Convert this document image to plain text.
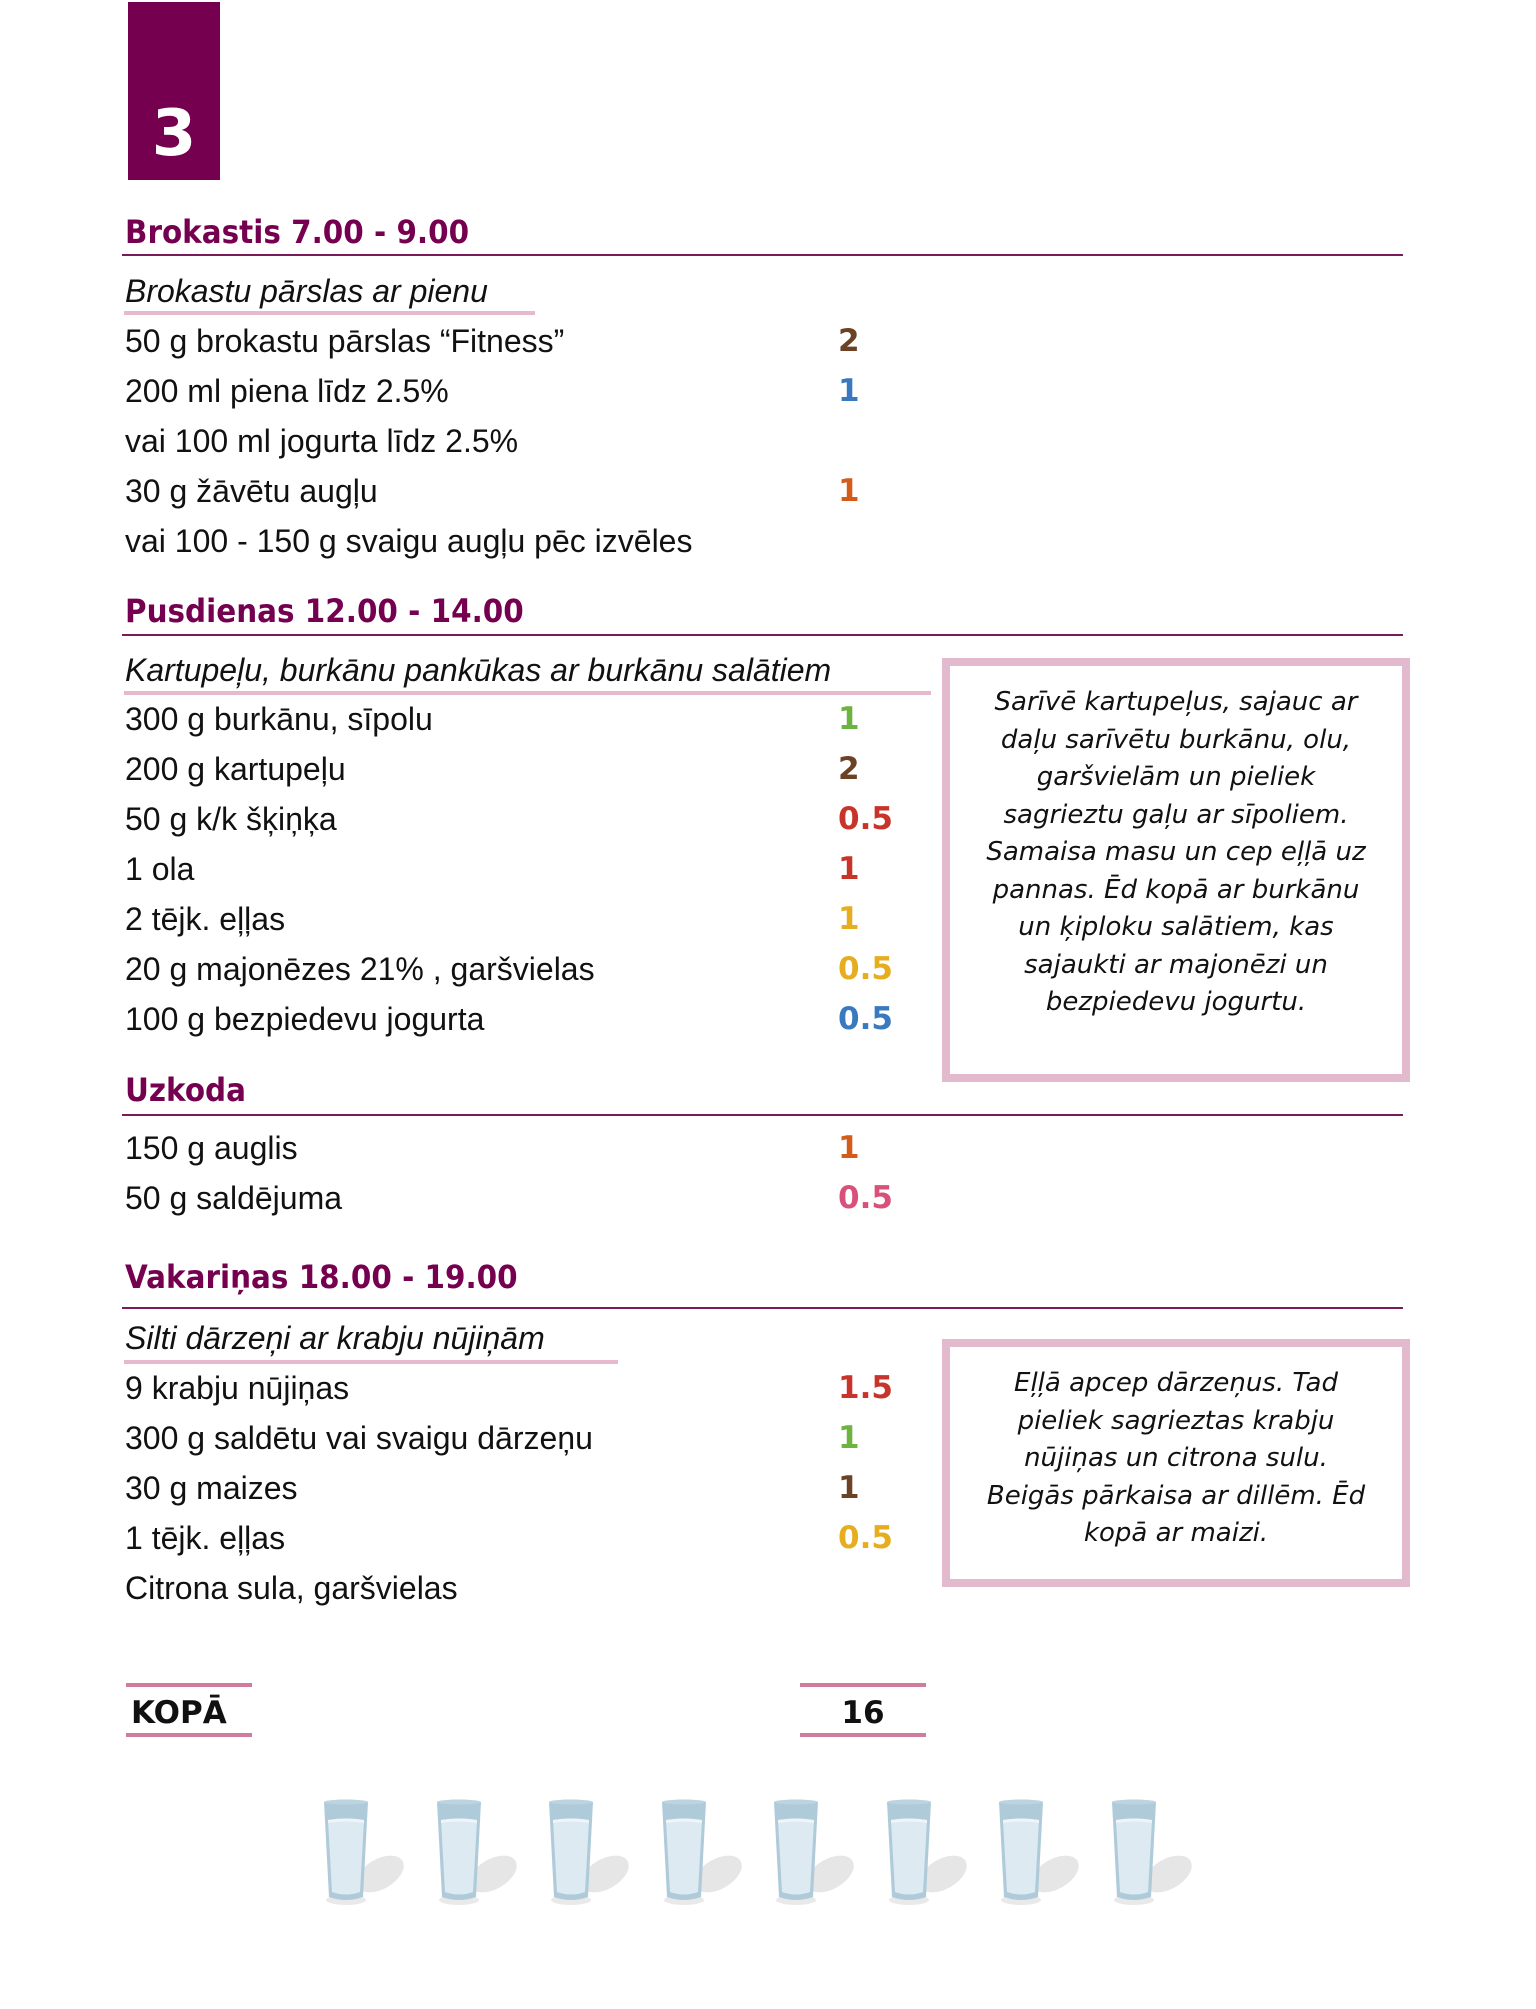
3
Brokastis 7.00 - 9.00
Brokastu pārslas ar pienu
50 g brokastu pārslas “Fitness”	2
200 ml piena līdz 2.5%	1
vai 100 ml jogurta līdz 2.5%
30 g žāvētu augļu	1
vai 100 - 150 g svaigu augļu pēc izvēles
Pusdienas 12.00 - 14.00
Kartupeļu, burkānu pankūkas ar burkānu salātiem
300 g burkānu, sīpolu	1
200 g kartupeļu	2
50 g k/k šķiņķa	0.5
1 ola	1
2 tējk. eļļas	1
20 g majonēzes 21% , garšvielas	0.5
100 g bezpiedevu jogurta	0.5

Sarīvē kartupeļus, sajauc ar daļu sarīvētu burkānu, olu, garšvielām un pieliek sagrieztu gaļu ar sīpoliem. Samaisa masu un cep eļļā uz pannas. Ēd kopā ar burkānu un ķiploku salātiem, kas sajaukti ar majonēzi un bezpiedevu jogurtu.

Uzkoda
150 g auglis	1
50 g saldējuma	0.5
Vakariņas 18.00 - 19.00
Silti dārzeņi ar krabju nūjiņām
9 krabju nūjiņas	1.5
300 g saldētu vai svaigu dārzeņu	1
30 g maizes	1
1 tējk. eļļas	0.5
Citrona sula, garšvielas

Eļļā apcep dārzeņus. Tad pieliek sagrieztas krabju nūjiņas un citrona sulu. Beigās pārkaisa ar dillēm. Ēd kopā ar maizi.

KOPĀ	16
